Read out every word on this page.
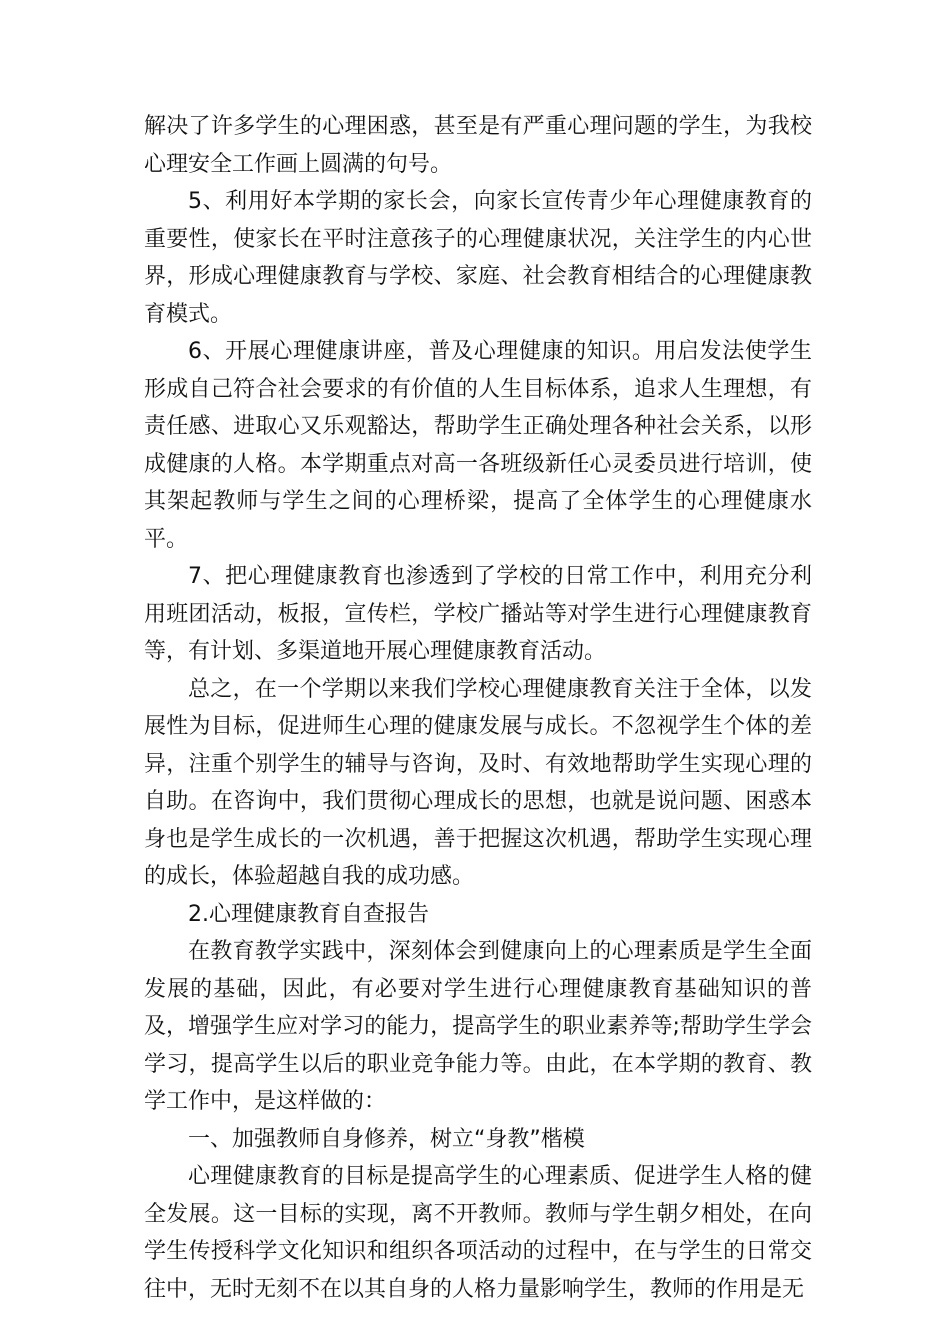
解决了许多学生的心理困惑，甚至是有严重心理问题的学生，为我校心理安全工作画上圆满的句号。

5、利用好本学期的家长会，向家长宣传青少年心理健康教育的重要性，使家长在平时注意孩子的心理健康状况，关注学生的内心世界，形成心理健康教育与学校、家庭、社会教育相结合的心理健康教育模式。

6、开展心理健康讲座，普及心理健康的知识。用启发法使学生形成自己符合社会要求的有价值的人生目标体系，追求人生理想，有责任感、进取心又乐观豁达，帮助学生正确处理各种社会关系，以形成健康的人格。本学期重点对高一各班级新任心灵委员进行培训，使其架起教师与学生之间的心理桥梁，提高了全体学生的心理健康水平。

7、把心理健康教育也渗透到了学校的日常工作中，利用充分利用班团活动，板报，宣传栏，学校广播站等对学生进行心理健康教育等，有计划、多渠道地开展心理健康教育活动。

总之，在一个学期以来我们学校心理健康教育关注于全体，以发展性为目标，促进师生心理的健康发展与成长。不忽视学生个体的差异，注重个别学生的辅导与咨询，及时、有效地帮助学生实现心理的自助。在咨询中，我们贯彻心理成长的思想，也就是说问题、困惑本身也是学生成长的一次机遇，善于把握这次机遇，帮助学生实现心理的成长，体验超越自我的成功感。

2.心理健康教育自查报告

在教育教学实践中，深刻体会到健康向上的心理素质是学生全面发展的基础，因此，有必要对学生进行心理健康教育基础知识的普及，增强学生应对学习的能力，提高学生的职业素养等;帮助学生学会学习，提高学生以后的职业竞争能力等。由此，在本学期的教育、教学工作中，是这样做的：

一、加强教师自身修养，树立“身教”楷模

心理健康教育的目标是提高学生的心理素质、促进学生人格的健全发展。这一目标的实现，离不开教师。教师与学生朝夕相处，在向学生传授科学文化知识和组织各项活动的过程中，在与学生的日常交往中，无时无刻不在以其自身的人格力量影响学生，教师的作用是无
